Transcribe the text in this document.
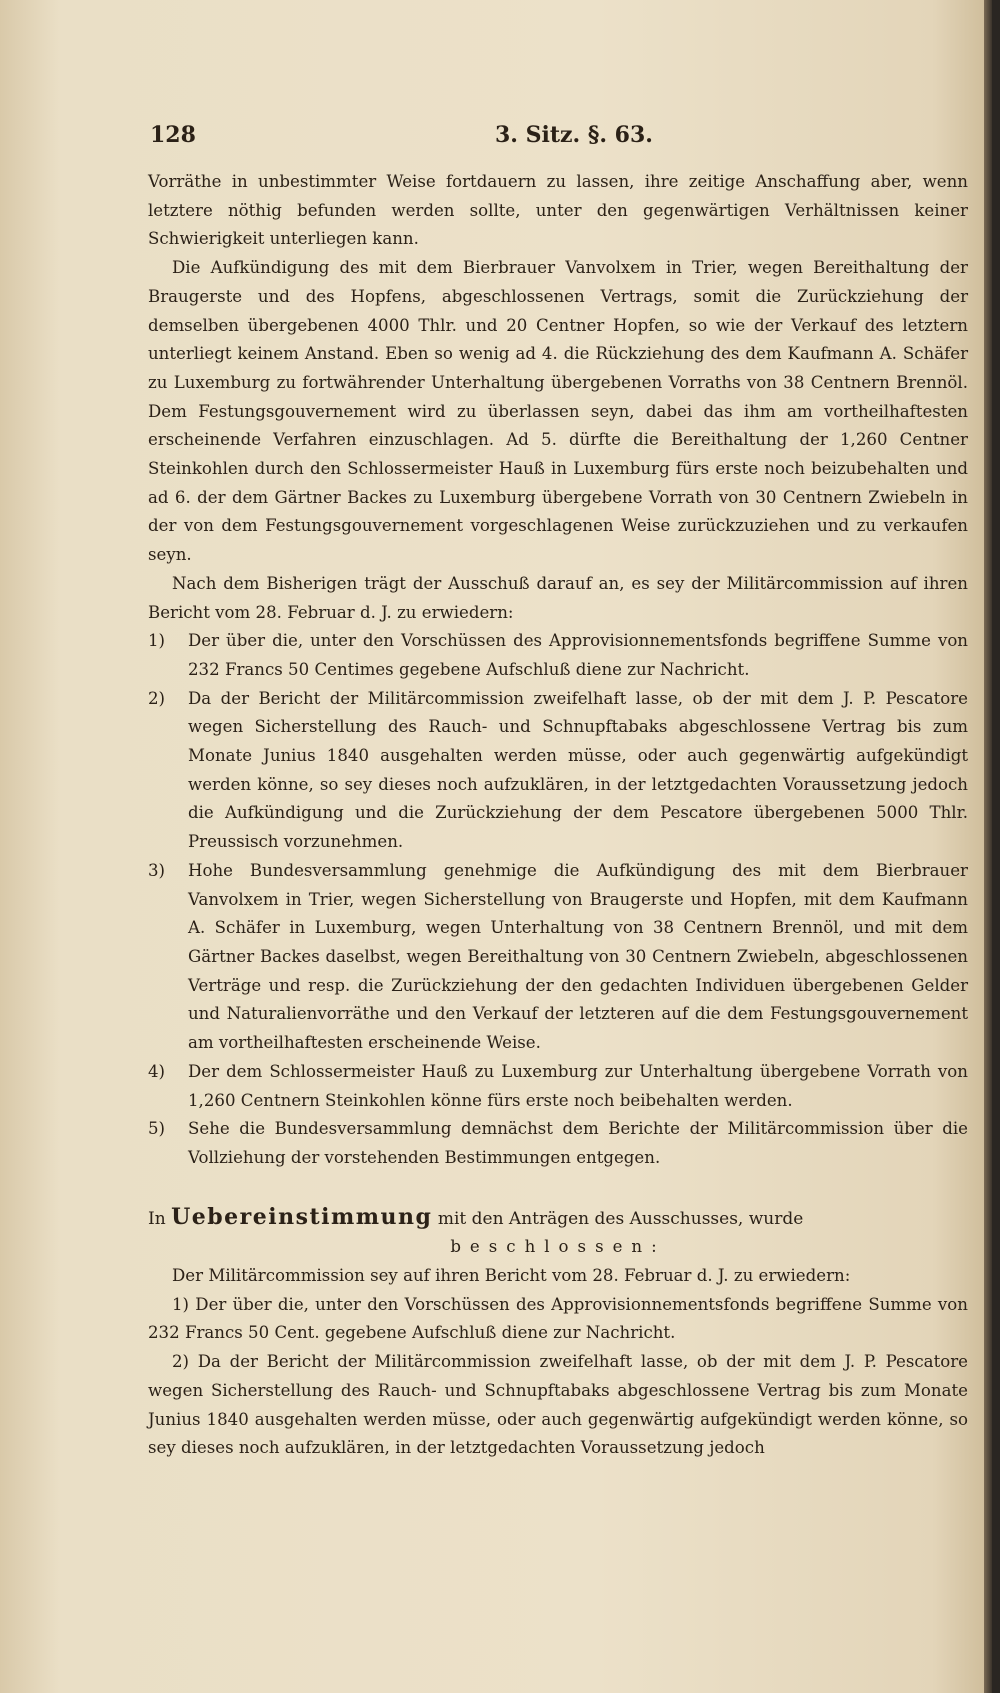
128	3. Sitz. §. 63.

Vorräthe in unbestimmter Weise fortdauern zu lassen, ihre zeitige Anschaffung aber, wenn letztere nöthig befunden werden sollte, unter den gegenwärtigen Verhältnissen keiner Schwierigkeit unterliegen kann.

Die Aufkündigung des mit dem Bierbrauer Vanvolxem in Trier, wegen Bereithaltung der Braugerste und des Hopfens, abgeschlossenen Vertrags, somit die Zurückziehung der demselben übergebenen 4000 Thlr. und 20 Centner Hopfen, so wie der Verkauf des letztern unterliegt keinem Anstand. Eben so wenig ad 4. die Rückziehung des dem Kaufmann A. Schäfer zu Luxemburg zu fortwährender Unterhaltung übergebenen Vorraths von 38 Centnern Brennöl. Dem Festungsgouvernement wird zu überlassen seyn, dabei das ihm am vortheilhaftesten erscheinende Verfahren einzuschlagen. Ad 5. dürfte die Bereithaltung der 1,260 Centner Steinkohlen durch den Schlossermeister Hauß in Luxemburg fürs erste noch beizubehalten und ad 6. der dem Gärtner Backes zu Luxemburg übergebene Vorrath von 30 Centnern Zwiebeln in der von dem Festungsgouvernement vorgeschlagenen Weise zurückzuziehen und zu verkaufen seyn.

Nach dem Bisherigen trägt der Ausschuß darauf an, es sey der Militärcommission auf ihren Bericht vom 28. Februar d. J. zu erwiedern:

1) Der über die, unter den Vorschüssen des Approvisionnementsfonds begriffene Summe von 232 Francs 50 Centimes gegebene Aufschluß diene zur Nachricht.

2) Da der Bericht der Militärcommission zweifelhaft lasse, ob der mit dem J. P. Pescatore wegen Sicherstellung des Rauch- und Schnupftabaks abgeschlossene Vertrag bis zum Monate Junius 1840 ausgehalten werden müsse, oder auch gegenwärtig aufgekündigt werden könne, so sey dieses noch aufzuklären, in der letztgedachten Voraussetzung jedoch die Aufkündigung und die Zurückziehung der dem Pescatore übergebenen 5000 Thlr. Preussisch vorzunehmen.

3) Hohe Bundesversammlung genehmige die Aufkündigung des mit dem Bierbrauer Vanvolxem in Trier, wegen Sicherstellung von Braugerste und Hopfen, mit dem Kaufmann A. Schäfer in Luxemburg, wegen Unterhaltung von 38 Centnern Brennöl, und mit dem Gärtner Backes daselbst, wegen Bereithaltung von 30 Centnern Zwiebeln, abgeschlossenen Verträge und resp. die Zurückziehung der den gedachten Individuen übergebenen Gelder und Naturalienvorräthe und den Verkauf der letzteren auf die dem Festungsgouvernement am vortheilhaftesten erscheinende Weise.

4) Der dem Schlossermeister Hauß zu Luxemburg zur Unterhaltung übergebene Vorrath von 1,260 Centnern Steinkohlen könne fürs erste noch beibehalten werden.

5) Sehe die Bundesversammlung demnächst dem Berichte der Militärcommission über die Vollziehung der vorstehenden Bestimmungen entgegen.

In Uebereinstimmung mit den Anträgen des Ausschusses, wurde

beschlossen:

Der Militärcommission sey auf ihren Bericht vom 28. Februar d. J. zu erwiedern:

1) Der über die, unter den Vorschüssen des Approvisionnementsfonds begriffene Summe von 232 Francs 50 Cent. gegebene Aufschluß diene zur Nachricht.

2) Da der Bericht der Militärcommission zweifelhaft lasse, ob der mit dem J. P. Pescatore wegen Sicherstellung des Rauch- und Schnupftabaks abgeschlossene Vertrag bis zum Monate Junius 1840 ausgehalten werden müsse, oder auch gegenwärtig aufgekündigt werden könne, so sey dieses noch aufzuklären, in der letztgedachten Voraussetzung jedoch
